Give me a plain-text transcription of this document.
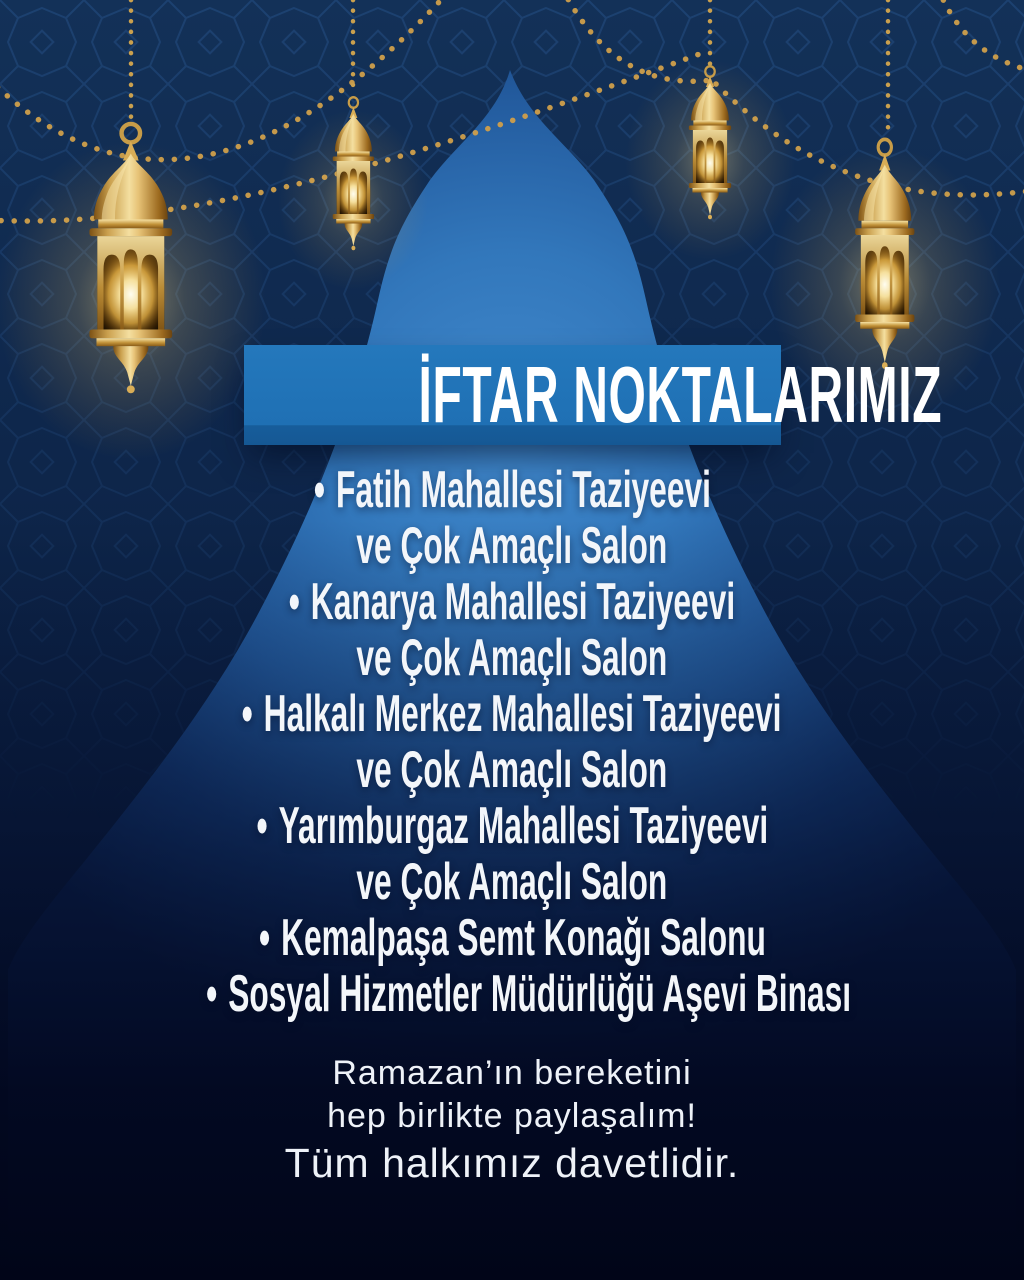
İFTAR NOKTALARIMIZ
• Fatih Mahallesi Taziyeevi
ve Çok Amaçlı Salon
• Kanarya Mahallesi Taziyeevi
ve Çok Amaçlı Salon
• Halkalı Merkez Mahallesi Taziyeevi
ve Çok Amaçlı Salon
• Yarımburgaz Mahallesi Taziyeevi
ve Çok Amaçlı Salon
• Kemalpaşa Semt Konağı Salonu
• Sosyal Hizmetler Müdürlüğü Aşevi Binası
Ramazan’ın bereketini
hep birlikte paylaşalım!
Tüm halkımız davetlidir.
